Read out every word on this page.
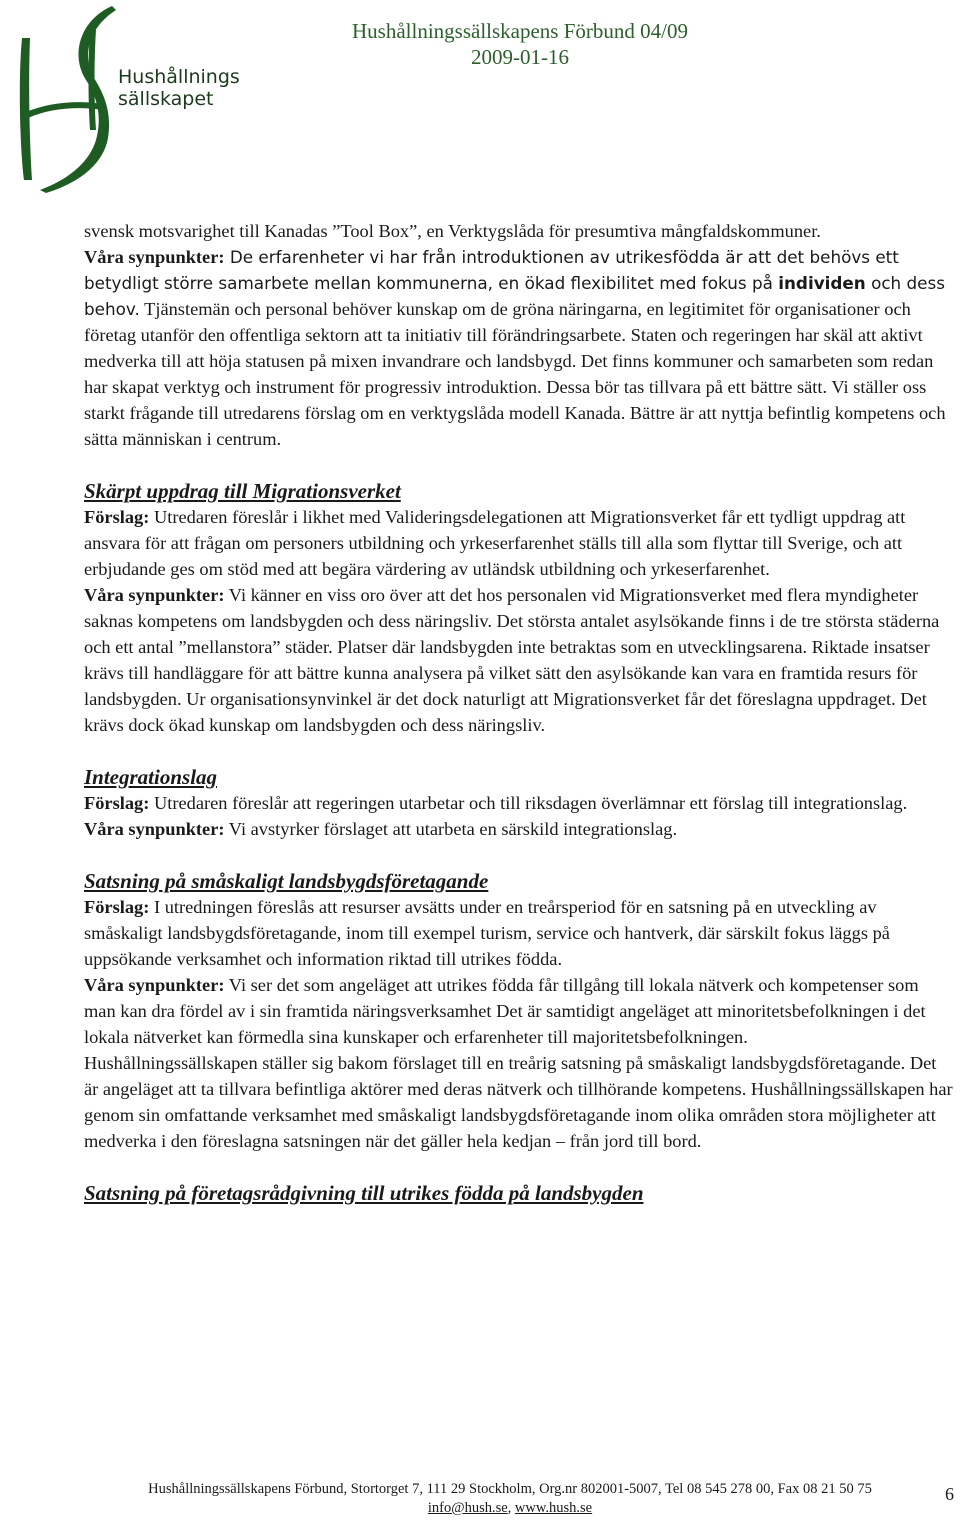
Hushållnings
sällskapet
Hushållningssällskapens Förbund 04/09
2009-01-16

svensk motsvarighet till Kanadas ”Tool Box”, en Verktygslåda för presumtiva mångfaldskommuner.

Våra synpunkter: De erfarenheter vi har från introduktionen av utrikesfödda är att det behövs ett betydligt större samarbete mellan kommunerna, en ökad flexibilitet med fokus på individen och dess behov. Tjänstemän och personal behöver kunskap om de gröna näringarna, en legitimitet för organisationer och företag utanför den offentliga sektorn att ta initiativ till förändringsarbete. Staten och regeringen har skäl att aktivt medverka till att höja statusen på mixen invandrare och landsbygd. Det finns kommuner och samarbeten som redan har skapat verktyg och instrument för progressiv introduktion. Dessa bör tas tillvara på ett bättre sätt. Vi ställer oss starkt frågande till utredarens förslag om en verktygslåda modell Kanada. Bättre är att nyttja befintlig kompetens och sätta människan i centrum.

Skärpt uppdrag till Migrationsverket

Förslag: Utredaren föreslår i likhet med Valideringsdelegationen att Migrationsverket får ett tydligt uppdrag att ansvara för att frågan om personers utbildning och yrkeserfarenhet ställs till alla som flyttar till Sverige, och att erbjudande ges om stöd med att begära värdering av utländsk utbildning och yrkeserfarenhet.

Våra synpunkter: Vi känner en viss oro över att det hos personalen vid Migrationsverket med flera myndigheter saknas kompetens om landsbygden och dess näringsliv. Det största antalet asylsökande finns i de tre största städerna och ett antal ”mellanstora” städer. Platser där landsbygden inte betraktas som en utvecklingsarena. Riktade insatser krävs till handläggare för att bättre kunna analysera på vilket sätt den asylsökande kan vara en framtida resurs för landsbygden. Ur organisationsynvinkel är det dock naturligt att Migrationsverket får det föreslagna uppdraget. Det krävs dock ökad kunskap om landsbygden och dess näringsliv.

Integrationslag

Förslag: Utredaren föreslår att regeringen utarbetar och till riksdagen överlämnar ett förslag till integrationslag.

Våra synpunkter: Vi avstyrker förslaget att utarbeta en särskild integrationslag.

Satsning på småskaligt landsbygdsföretagande

Förslag: I utredningen föreslås att resurser avsätts under en treårsperiod för en satsning på en utveckling av småskaligt landsbygdsföretagande, inom till exempel turism, service och hantverk, där särskilt fokus läggs på uppsökande verksamhet och information riktad till utrikes födda.

Våra synpunkter: Vi ser det som angeläget att utrikes födda får tillgång till lokala nätverk och kompetenser som man kan dra fördel av i sin framtida näringsverksamhet Det är samtidigt angeläget att minoritetsbefolkningen i det lokala nätverket kan förmedla sina kunskaper och erfarenheter till majoritetsbefolkningen.

Hushållningssällskapen ställer sig bakom förslaget till en treårig satsning på småskaligt landsbygdsföretagande. Det är angeläget att ta tillvara befintliga aktörer med deras nätverk och tillhörande kompetens. Hushållningssällskapen har genom sin omfattande verksamhet med småskaligt landsbygdsföretagande inom olika områden stora möjligheter att medverka i den föreslagna satsningen när det gäller hela kedjan – från jord till bord.

Satsning på företagsrådgivning till utrikes födda på landsbygden

Hushållningssällskapens Förbund, Stortorget 7, 111 29 Stockholm, Org.nr 802001-5007, Tel 08 545 278 00, Fax 08 21 50 75
info@hush.se, www.hush.se
6
